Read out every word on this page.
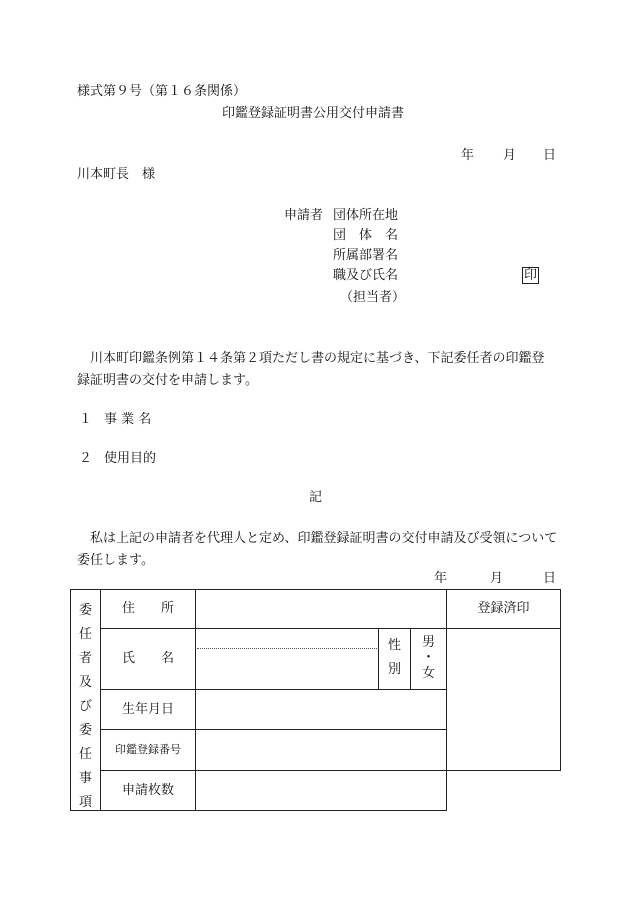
様式第９号（第１６条関係）
印鑑登録証明書公用交付申請書
年 月 日
川本町長　様
申請者 団体所在地
団　体　名
所属部署名
職及び氏名
（担当者）
印
　川本町印鑑条例第１４条第２項ただし書の規定に基づき、下記委任者の印鑑登録証明書の交付を申請します。
１ 事 業 名
２ 使用目的
記
　私は上記の申請者を代理人と定め、印鑑登録証明書の交付申請及び受領について委任します。
年	月	日
委
任
者
及
び
委
任
事
項
住　　所
氏　　名
性
別
男
・
女
生年月日
印鑑登録番号
申請枚数
登録済印
